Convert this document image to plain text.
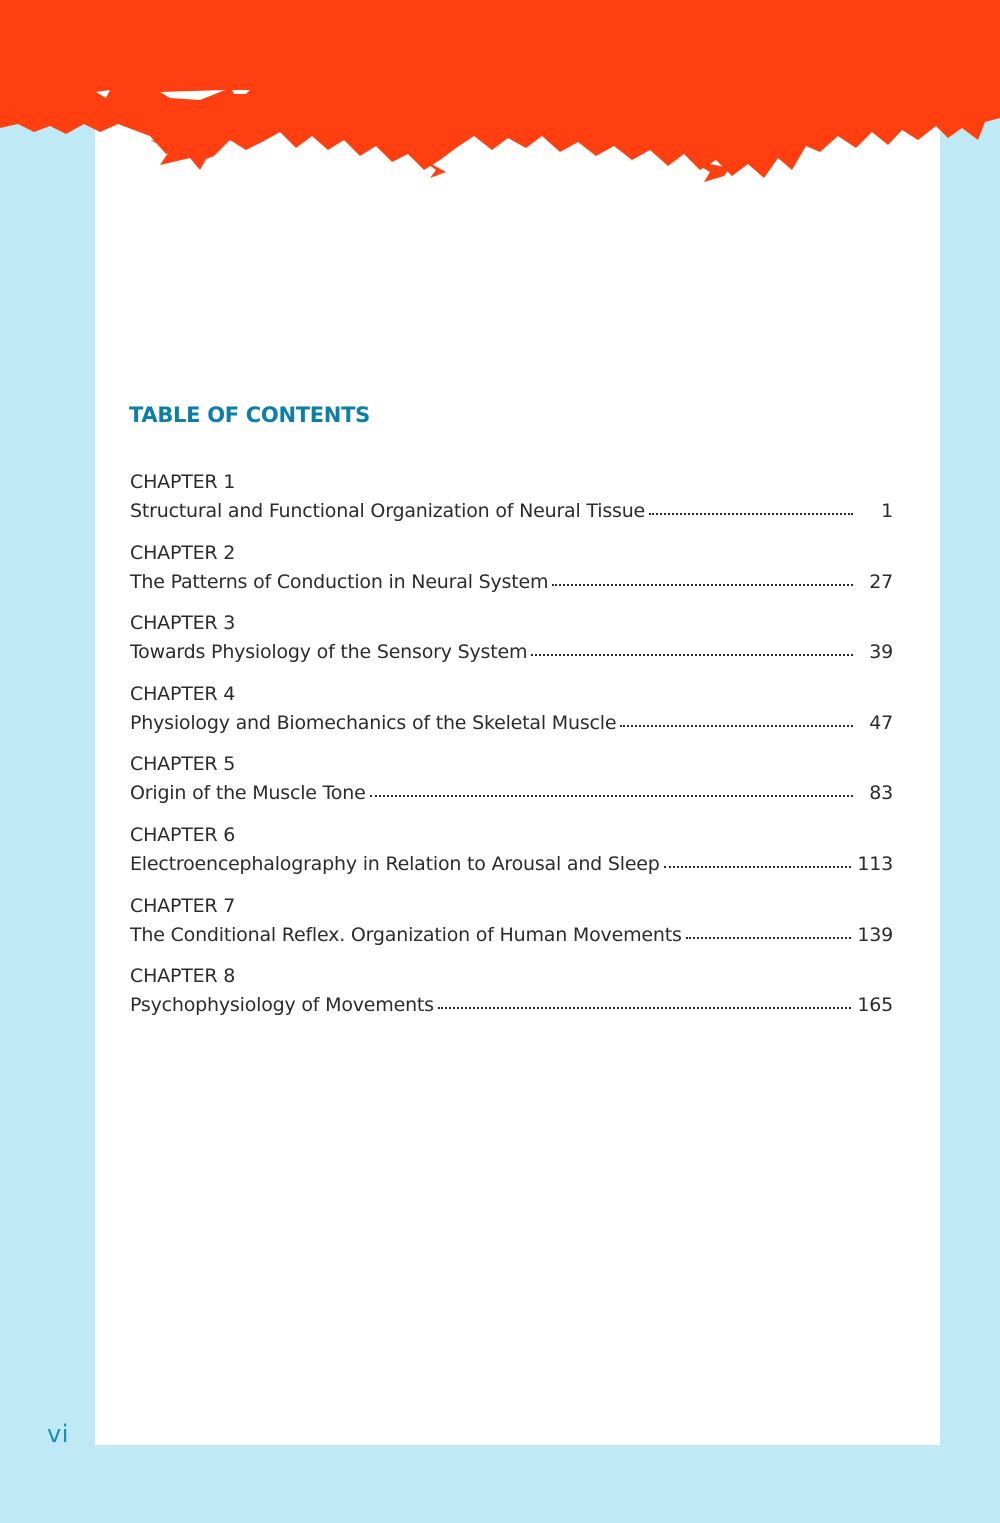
TABLE OF CONTENTS
CHAPTER 1
Structural and Functional Organization of Neural Tissue	1
CHAPTER 2
The Patterns of Conduction in Neural System	27
CHAPTER 3
Towards Physiology of the Sensory System	39
CHAPTER 4
Physiology and Biomechanics of the Skeletal Muscle	47
CHAPTER 5
Origin of the Muscle Tone	83
CHAPTER 6
Electroencephalography in Relation to Arousal and Sleep	113
CHAPTER 7
The Conditional Reflex. Organization of Human Movements	139
CHAPTER 8
Psychophysiology of Movements	165
vi
